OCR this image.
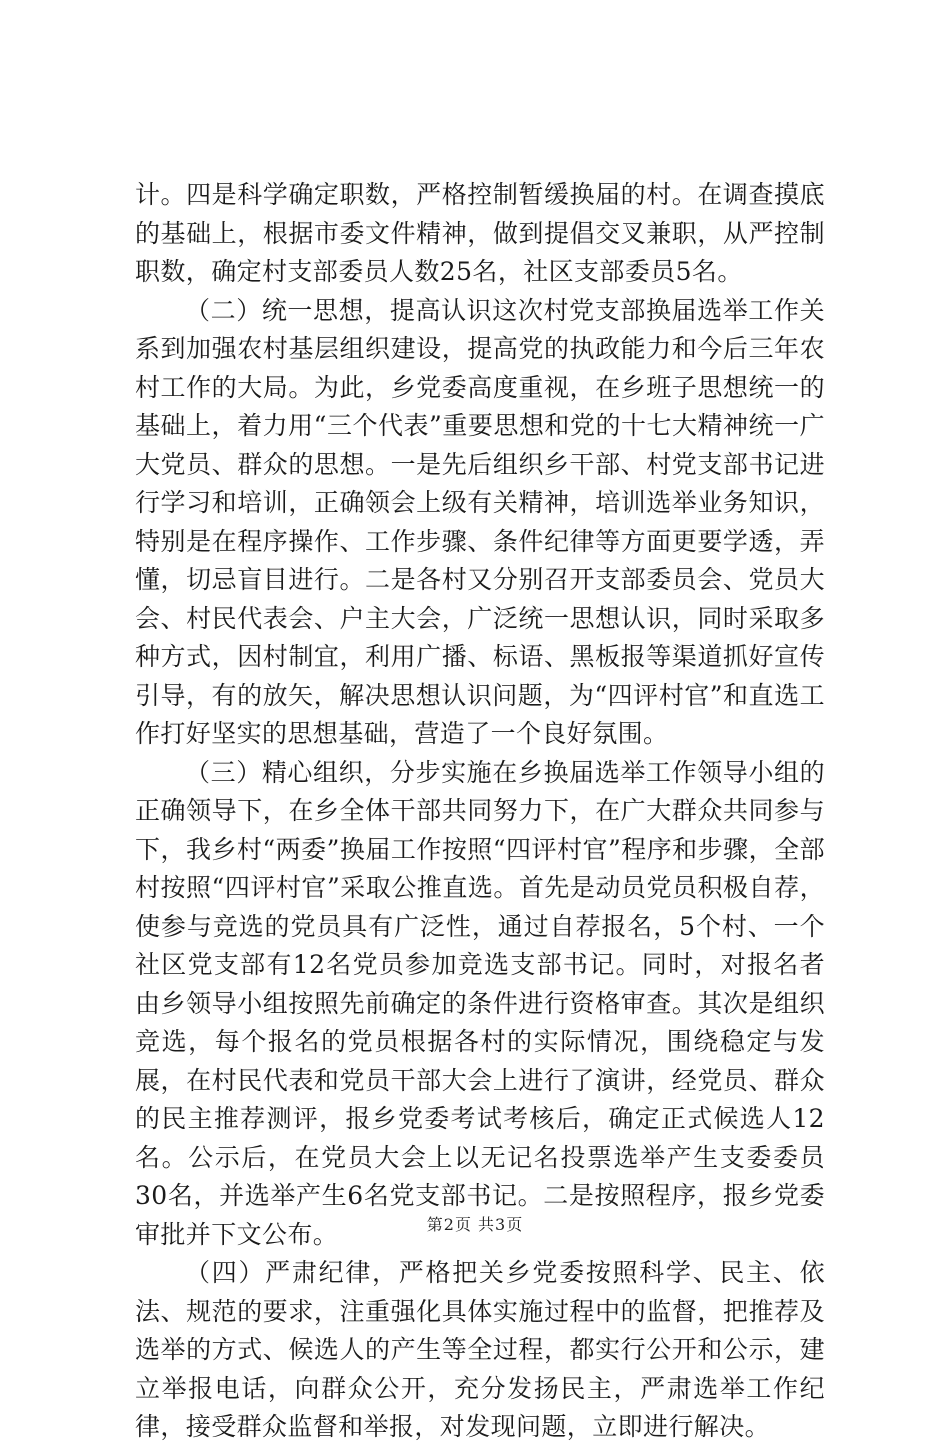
计。四是科学确定职数，严格控制暂缓换届的村。在调查摸底的基础上，根据市委文件精神，做到提倡交叉兼职，从严控制职数，确定村支部委员人数25名，社区支部委员5名。

（二）统一思想，提高认识这次村党支部换届选举工作关系到加强农村基层组织建设，提高党的执政能力和今后三年农村工作的大局。为此，乡党委高度重视，在乡班子思想统一的基础上，着力用“三个代表”重要思想和党的十七大精神统一广大党员、群众的思想。一是先后组织乡干部、村党支部书记进行学习和培训，正确领会上级有关精神，培训选举业务知识，特别是在程序操作、工作步骤、条件纪律等方面更要学透，弄懂，切忌盲目进行。二是各村又分别召开支部委员会、党员大会、村民代表会、户主大会，广泛统一思想认识，同时采取多种方式，因村制宜，利用广播、标语、黑板报等渠道抓好宣传引导，有的放矢，解决思想认识问题，为“四评村官”和直选工作打好坚实的思想基础，营造了一个良好氛围。

（三）精心组织，分步实施在乡换届选举工作领导小组的正确领导下，在乡全体干部共同努力下，在广大群众共同参与下，我乡村“两委”换届工作按照“四评村官”程序和步骤，全部村按照“四评村官”采取公推直选。首先是动员党员积极自荐，使参与竞选的党员具有广泛性，通过自荐报名，5个村、一个社区党支部有12名党员参加竞选支部书记。同时，对报名者由乡领导小组按照先前确定的条件进行资格审查。其次是组织竞选，每个报名的党员根据各村的实际情况，围绕稳定与发展，在村民代表和党员干部大会上进行了演讲，经党员、群众的民主推荐测评，报乡党委考试考核后，确定正式候选人12名。公示后，在党员大会上以无记名投票选举产生支委委员30名，并选举产生6名党支部书记。二是按照程序，报乡党委审批并下文公布。

（四）严肃纪律，严格把关乡党委按照科学、民主、依法、规范的要求，注重强化具体实施过程中的监督，把推荐及选举的方式、候选人的产生等全过程，都实行公开和公示，建立举报电话，向群众公开，充分发扬民主，严肃选举工作纪律，接受群众监督和举报，对发现问题，立即进行解决。

第2页 共3页
